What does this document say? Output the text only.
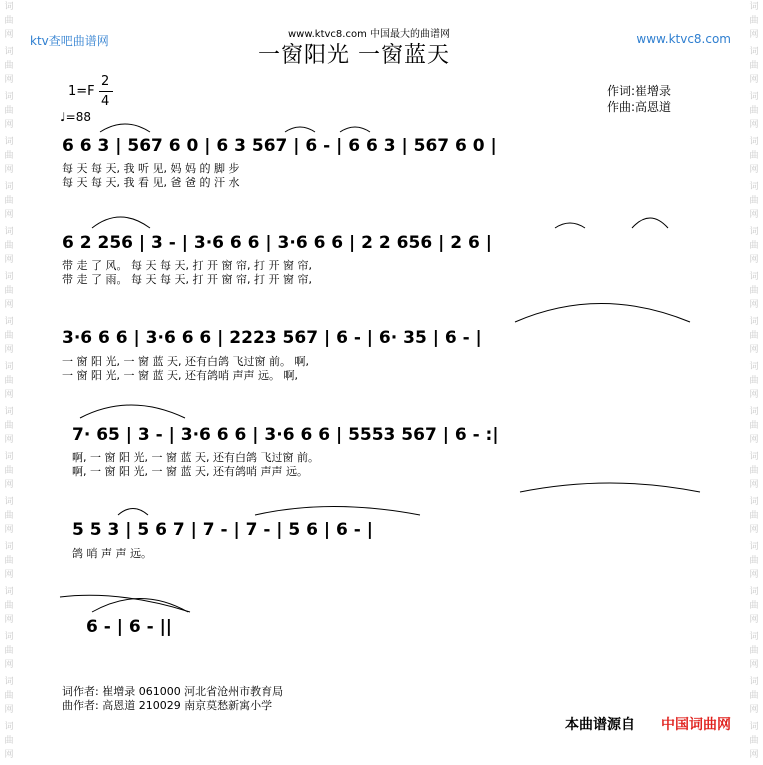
词
曲
网
词
曲
网
词
曲
网
词
曲
网
词
曲
网
词
曲
网
词
曲
网
词
曲
网
词
曲
网
词
曲
网
词
曲
网
词
曲
网
词
曲
网
词
曲
网
词
曲
网
词
曲
网
词
曲
网
词
曲
网
词
曲
网
词
曲
网
词
曲
网
词
曲
网
词
曲
网
词
曲
网
词
曲
网
词
曲
网
词
曲
网
词
曲
网
词
曲
网
词
曲
网
词
曲
网
词
曲
网
词
曲
网
词
曲
网
ktv查吧曲谱网	www.ktvc8.com
www.ktvc8.com 中国最大的曲谱网
一窗阳光 一窗蓝天
作词:崔增录
作曲:高恩道
1=F
2
4
♩=88
6 6 3 | 567 6 0 | 6 3 567 | 6 - | 6 6 3 | 567 6 0 |
每 天 每 天, 我 听 见, 妈 妈 的 脚 步
每 天 每 天, 我 看 见, 爸 爸 的 汗 水
6 2 256 | 3 - | 3·6 6 6 | 3·6 6 6 | 2 2 656 | 2 6 |
带 走 了 风。 每 天 每 天, 打 开 窗 帘, 打 开 窗 帘,
带 走 了 雨。 每 天 每 天, 打 开 窗 帘, 打 开 窗 帘,
3·6 6 6 | 3·6 6 6 | 2223 567 | 6 - | 6· 35 | 6 - |
一 窗 阳 光, 一 窗 蓝 天, 还有白鸽 飞过窗 前。 啊,
一 窗 阳 光, 一 窗 蓝 天, 还有鸽哨 声声 远。 啊,
7· 65 | 3 - | 3·6 6 6 | 3·6 6 6 | 5553 567 | 6 - :|
啊, 一 窗 阳 光, 一 窗 蓝 天, 还有白鸽 飞过窗 前。
啊, 一 窗 阳 光, 一 窗 蓝 天, 还有鸽哨 声声 远。
5 5 3 | 5 6 7 | 7 - | 7 - | 5 6 | 6 - |
鸽 哨 声 声 远。
6 - | 6 - ||
词作者: 崔增录 061000 河北省沧州市教育局
曲作者: 高恩道 210029 南京莫愁新寓小学
本曲谱源自 中国词曲网
